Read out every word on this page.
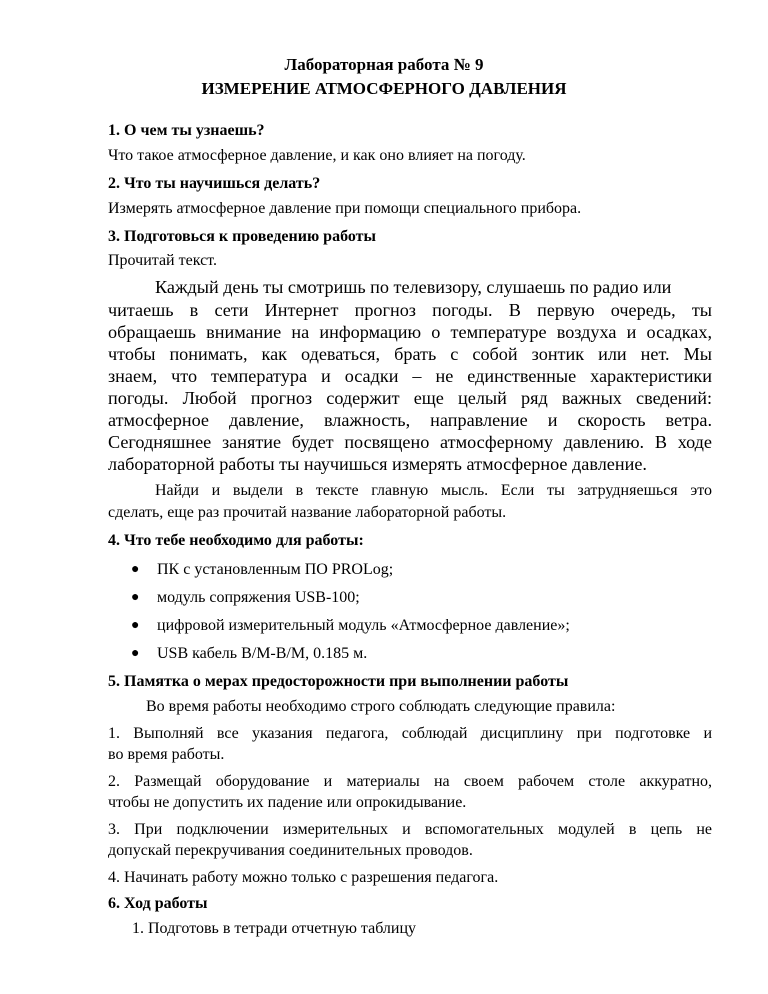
Лабораторная работа № 9
ИЗМЕРЕНИЕ АТМОСФЕРНОГО ДАВЛЕНИЯ
1. О чем ты узнаешь?
Что такое атмосферное давление, и как оно влияет на погоду.
2. Что ты научишься делать?
Измерять атмосферное давление при помощи специального прибора.
3. Подготовься к проведению работы
Прочитай текст.
Каждый день ты смотришь по телевизору, слушаешь по радио или
читаешь в сети Интернет прогноз погоды. В первую очередь, ты
обращаешь внимание на информацию о температуре воздуха и осадках,
чтобы понимать, как одеваться, брать с собой зонтик или нет. Мы
знаем, что температура и осадки – не единственные характеристики
погоды. Любой прогноз содержит еще целый ряд важных сведений:
атмосферное давление, влажность, направление и скорость ветра.
Сегодняшнее занятие будет посвящено атмосферному давлению. В ходе
лабораторной работы ты научишься измерять атмосферное давление.
Найди и выдели в тексте главную мысль. Если ты затрудняешься это
сделать, еще раз прочитай название лабораторной работы.
4. Что тебе необходимо для работы:
● ПК с установленным ПО PROLog;
● модуль сопряжения USB-100;
● цифровой измерительный модуль «Атмосферное давление»;
● USB кабель B/M-B/M, 0.185 м.
5. Памятка о мерах предосторожности при выполнении работы
Во время работы необходимо строго соблюдать следующие правила:
1. Выполняй все указания педагога, соблюдай дисциплину при подготовке и
во время работы.
2. Размещай оборудование и материалы на своем рабочем столе аккуратно,
чтобы не допустить их падение или опрокидывание.
3. При подключении измерительных и вспомогательных модулей в цепь не
допускай перекручивания соединительных проводов.
4. Начинать работу можно только с разрешения педагога.
6. Ход работы
1. Подготовь в тетради отчетную таблицу
